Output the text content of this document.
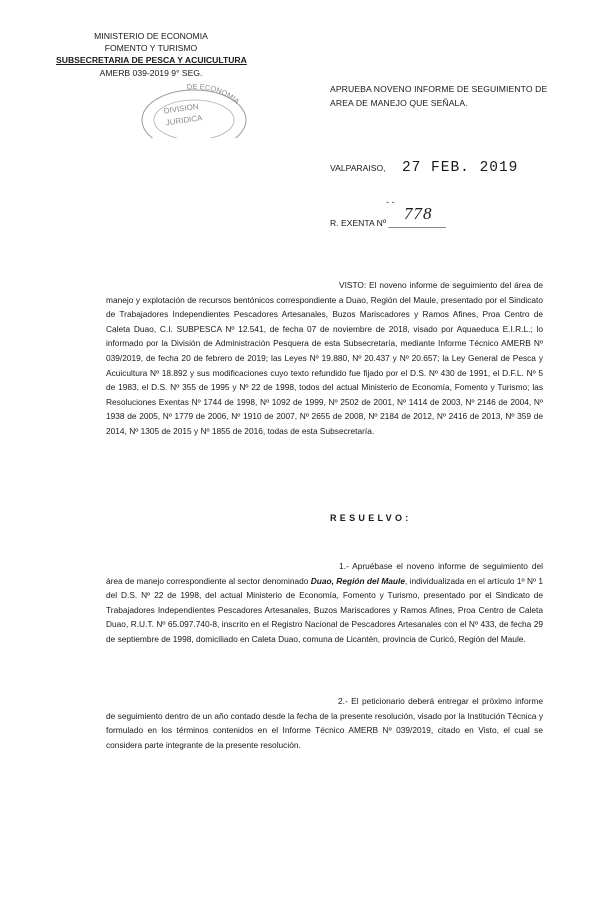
MINISTERIO DE ECONOMIA
FOMENTO Y TURISMO
SUBSECRETARIA DE PESCA Y ACUICULTURA
AMERB 039-2019 9° SEG.
DE ECONOMIA
DIVISION
JURIDICA
APRUEBA NOVENO INFORME DE SEGUIMIENTO DE AREA DE MANEJO QUE SEÑALA.
VALPARAISO, 27 FEB. 2019
- -
778
R. EXENTA Nº ____________
VISTO: El noveno informe de seguimiento del área de manejo y explotación de recursos bentónicos correspondiente a Duao, Región del Maule, presentado por el Sindicato de Trabajadores Independientes Pescadores Artesanales, Buzos Mariscadores y Ramos Afines, Proa Centro de Caleta Duao, C.I. SUBPESCA Nº 12.541, de fecha 07 de noviembre de 2018, visado por Aquaeduca E.I.R.L.; lo informado por la División de Administración Pesquera de esta Subsecretaría, mediante Informe Técnico AMERB Nº 039/2019, de fecha 20 de febrero de 2019; las Leyes Nº 19.880, Nº 20.437 y Nº 20.657; la Ley General de Pesca y Acuicultura Nº 18.892 y sus modificaciones cuyo texto refundido fue fijado por el D.S. Nº 430 de 1991, el D.F.L. Nº 5 de 1983, el D.S. Nº 355 de 1995 y Nº 22 de 1998, todos del actual Ministerio de Economía, Fomento y Turismo; las Resoluciones Exentas Nº 1744 de 1998, Nº 1092 de 1999, Nº 2502 de 2001, Nº 1414 de 2003, Nº 2146 de 2004, Nº 1938 de 2005, Nº 1779 de 2006, Nº 1910 de 2007, Nº 2655 de 2008, Nº 2184 de 2012, Nº 2416 de 2013, Nº 359 de 2014, Nº 1305 de 2015 y Nº 1855 de 2016, todas de esta Subsecretaría.
RESUELVO:
1.- Apruébase el noveno informe de seguimiento del área de manejo correspondiente al sector denominado Duao, Región del Maule, individualizada en el artículo 1º Nº 1 del D.S. Nº 22 de 1998, del actual Ministerio de Economía, Fomento y Turismo, presentado por el Sindicato de Trabajadores Independientes Pescadores Artesanales, Buzos Mariscadores y Ramos Afines, Proa Centro de Caleta Duao, R.U.T. Nº 65.097.740-8, inscrito en el Registro Nacional de Pescadores Artesanales con el Nº 433, de fecha 29 de septiembre de 1998, domiciliado en Caleta Duao, comuna de Licantén, provincia de Curicó, Región del Maule.
2.- El peticionario deberá entregar el próximo informe de seguimiento dentro de un año contado desde la fecha de la presente resolución, visado por la Institución Técnica y formulado en los términos contenidos en el Informe Técnico AMERB Nº 039/2019, citado en Visto, el cual se considera parte integrante de la presente resolución.
